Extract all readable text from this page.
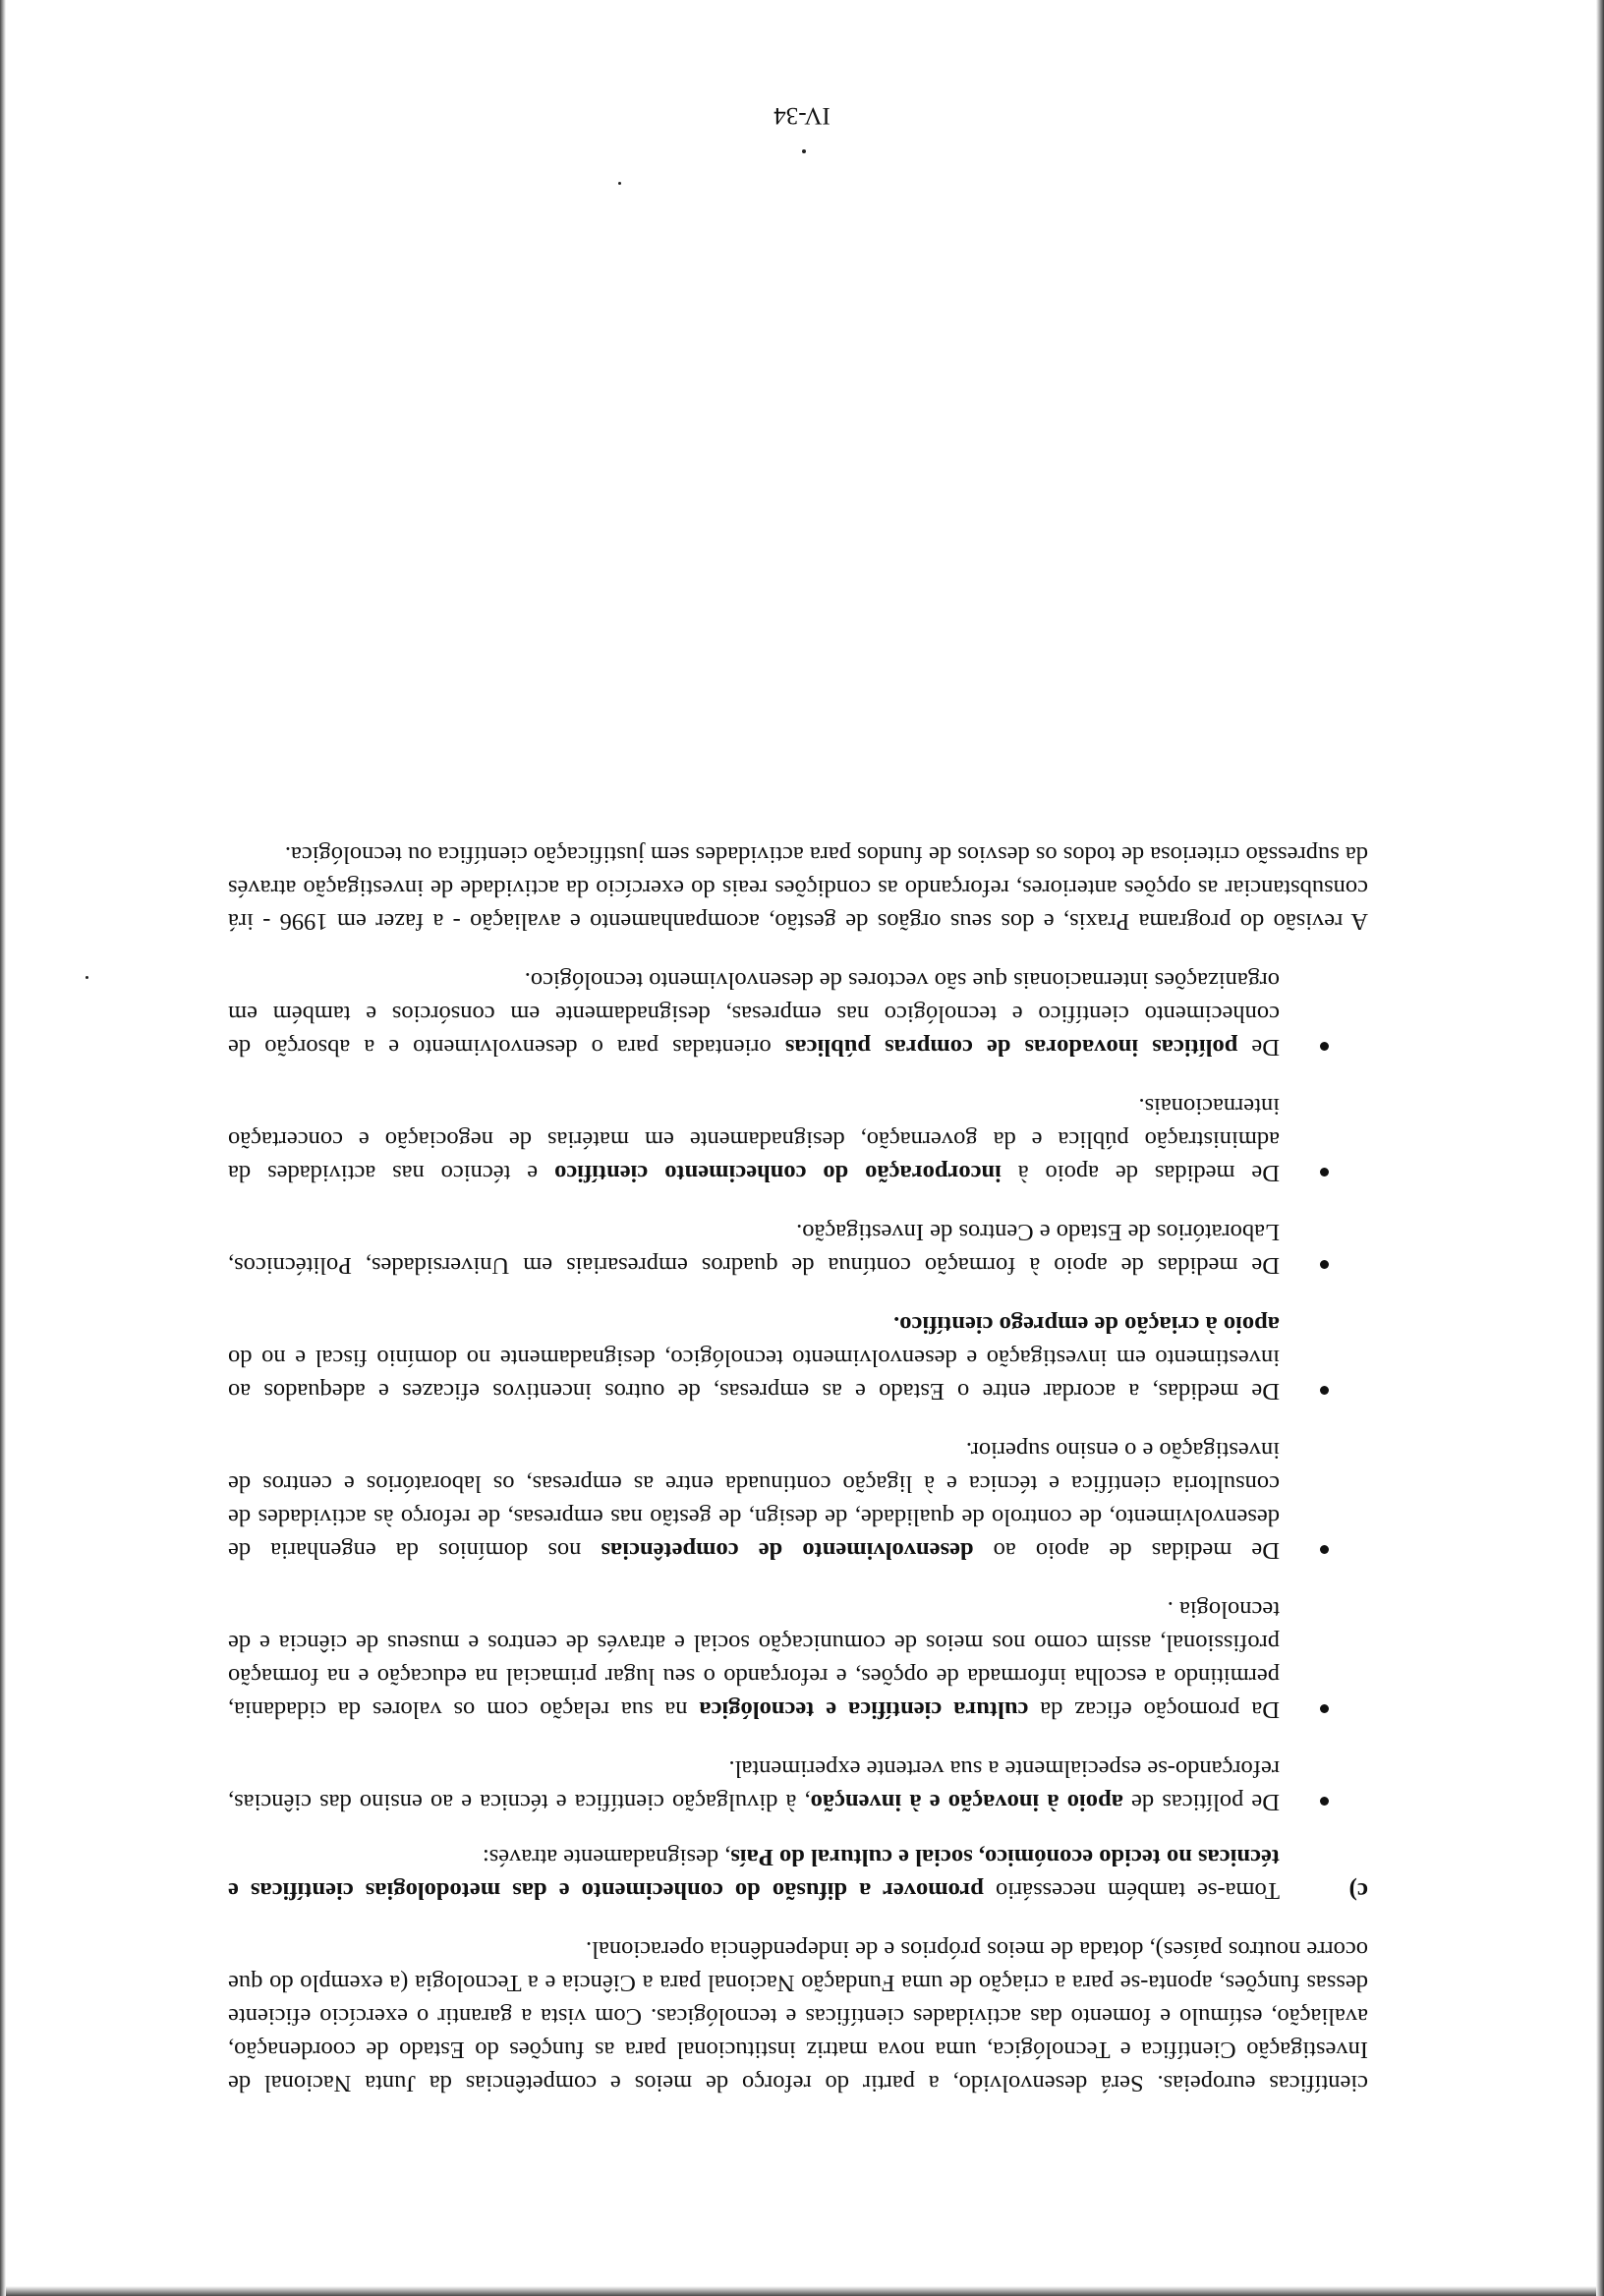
científicas europeias. Será desenvolvido, a partir do reforço de meios e competências da Junta Nacional de Investigação Científica e Tecnológica, uma nova matriz institucional para as funções do Estado de coordenação, avaliação, estímulo e fomento das actividades científicas e tecnológicas. Com vista a garantir o exercício eficiente dessas funções, aponta-se para a criação de uma Fundação Nacional para a Ciência e a Tecnologia (a exemplo do que ocorre noutros países), dotada de meios próprios e de independência operacional.

c)
Toma-se também necessário promover a difusão do conhecimento e das metodologias científicas e técnicas no tecido económico, social e cultural do País, designadamente através:

De políticas de apoio à inovação e à invenção, à divulgação científica e técnica e ao ensino das ciências, reforçando-se especialmente a sua vertente experimental.
Da promoção eficaz da cultura científica e tecnológica na sua relação com os valores da cidadania, permitindo a escolha informada de opções, e reforçando o seu lugar primacial na educação e na formação profissional, assim como nos meios de comunicação social e através de centros e museus de ciência e de tecnologia .
De medidas de apoio ao desenvolvimento de competências nos domínios da engenharia de desenvolvimento, de controlo de qualidade, de design, de gestão nas empresas, de reforço às actividades de consultoria científica e técnica e à ligação continuada entre as empresas, os laboratórios e centros de investigação e o ensino superior.
De medidas, a acordar entre o Estado e as empresas, de outros incentivos eficazes e adequados ao investimento em investigação e desenvolvimento tecnológico, designadamente no domínio fiscal e no do apoio à criação de emprego científico.
De medidas de apoio à formação contínua de quadros empresariais em Universidades, Politécnicos, Laboratórios de Estado e Centros de Investigação.
De medidas de apoio à incorporação do conhecimento científico e técnico nas actividades da administração pública e da governação, designadamente em matérias de negociação e concertação internacionais.
De políticas inovadoras de compras públicas orientadas para o desenvolvimento e a absorção de conhecimento científico e tecnológico nas empresas, designadamente em consórcios e também em organizações internacionais que são vectores de desenvolvimento tecnológico.

A revisão do programa Praxis, e dos seus orgãos de gestão, acompanhamento e avaliação - a fazer em 1996 - irá consubstanciar as opções anteriores, reforçando as condições reais do exercício da actividade de investigação através da supressão criteriosa de todos os desvios de fundos para actividades sem justificação científica ou tecnológica.

IV-34
